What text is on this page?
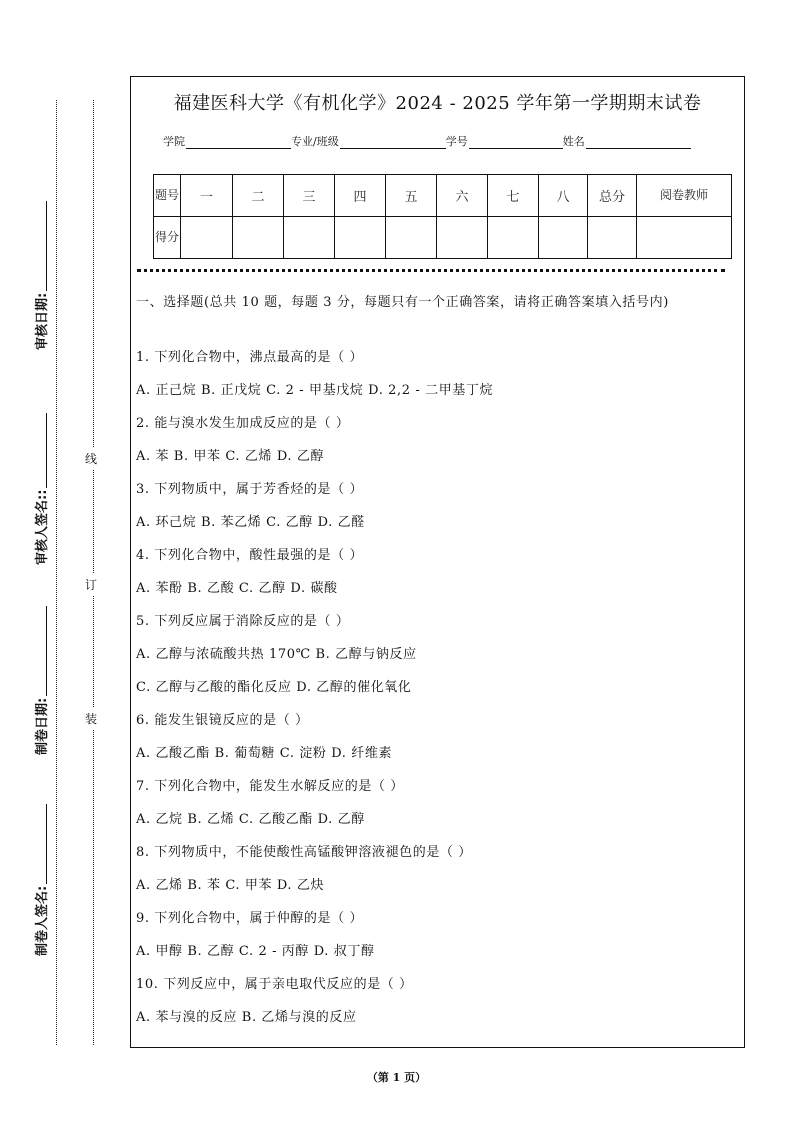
审核日期:
审核人签名::
制卷日期:
制卷人签名:
线
订
装
福建医科大学《有机化学》2024 - 2025 学年第一学期期末试卷
学院	专业/班级	学号	姓名
题号	一	二	三	四	五	六	七	八	总分	阅卷教师
得分										
一、选择题(总共 10 题，每题 3 分，每题只有一个正确答案，请将正确答案填入括号内)
1. 下列化合物中，沸点最高的是（ ）
A. 正己烷 B. 正戊烷 C. 2 - 甲基戊烷 D. 2,2 - 二甲基丁烷
2. 能与溴水发生加成反应的是（ ）
A. 苯 B. 甲苯 C. 乙烯 D. 乙醇
3. 下列物质中，属于芳香烃的是（ ）
A. 环己烷 B. 苯乙烯 C. 乙醇 D. 乙醛
4. 下列化合物中，酸性最强的是（ ）
A. 苯酚 B. 乙酸 C. 乙醇 D. 碳酸
5. 下列反应属于消除反应的是（ ）
A. 乙醇与浓硫酸共热 170℃ B. 乙醇与钠反应
C. 乙醇与乙酸的酯化反应 D. 乙醇的催化氧化
6. 能发生银镜反应的是（ ）
A. 乙酸乙酯 B. 葡萄糖 C. 淀粉 D. 纤维素
7. 下列化合物中，能发生水解反应的是（ ）
A. 乙烷 B. 乙烯 C. 乙酸乙酯 D. 乙醇
8. 下列物质中，不能使酸性高锰酸钾溶液褪色的是（ ）
A. 乙烯 B. 苯 C. 甲苯 D. 乙炔
9. 下列化合物中，属于仲醇的是（ ）
A. 甲醇 B. 乙醇 C. 2 - 丙醇 D. 叔丁醇
10. 下列反应中，属于亲电取代反应的是（ ）
A. 苯与溴的反应 B. 乙烯与溴的反应
（第 1 页）
